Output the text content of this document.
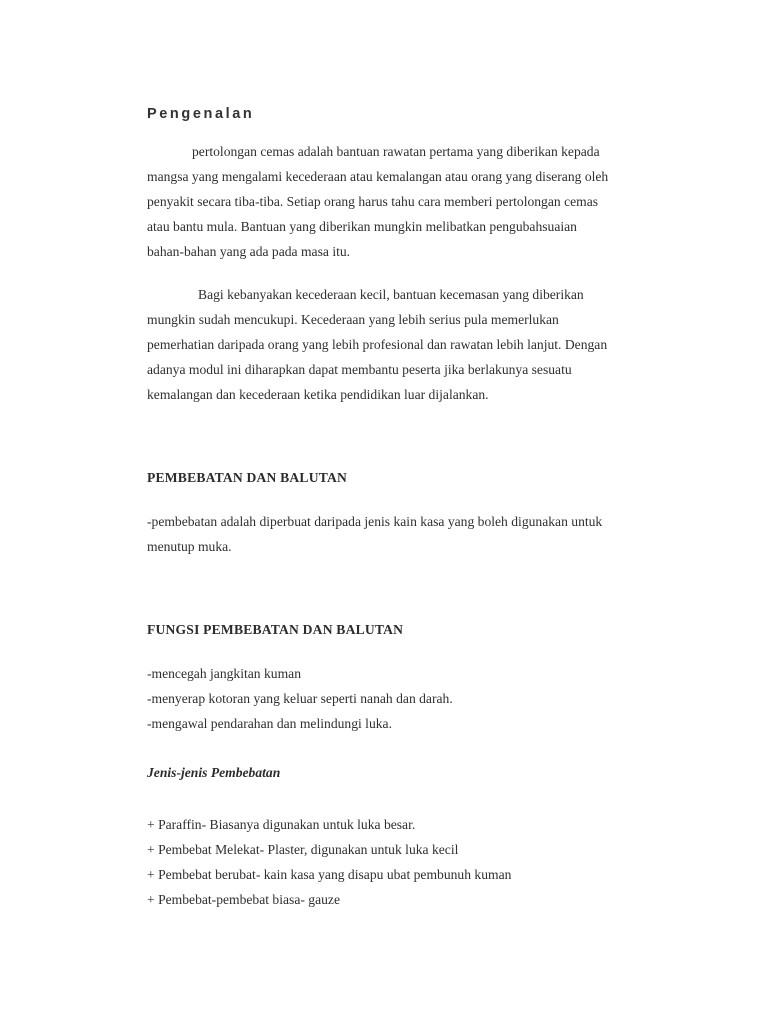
Pengenalan
pertolongan cemas adalah bantuan rawatan pertama yang diberikan kepada
mangsa yang mengalami kecederaan atau kemalangan atau orang yang diserang oleh
penyakit secara tiba-tiba. Setiap orang harus tahu cara memberi pertolongan cemas
atau bantu mula. Bantuan yang diberikan mungkin melibatkan pengubahsuaian
bahan-bahan yang ada pada masa itu.
Bagi kebanyakan kecederaan kecil, bantuan kecemasan yang diberikan
mungkin sudah mencukupi. Kecederaan yang lebih serius pula memerlukan
pemerhatian daripada orang yang lebih profesional dan rawatan lebih lanjut. Dengan
adanya modul ini diharapkan dapat membantu peserta jika berlakunya sesuatu
kemalangan dan kecederaan ketika pendidikan luar dijalankan.
PEMBEBATAN DAN BALUTAN
-pembebatan adalah diperbuat daripada jenis kain kasa yang boleh digunakan untuk
menutup muka.
FUNGSI PEMBEBATAN DAN BALUTAN
-mencegah jangkitan kuman
-menyerap kotoran yang keluar seperti nanah dan darah.
-mengawal pendarahan dan melindungi luka.
Jenis-jenis Pembebatan
+ Paraffin- Biasanya digunakan untuk luka besar.
+ Pembebat Melekat- Plaster, digunakan untuk luka kecil
+ Pembebat berubat- kain kasa yang disapu ubat pembunuh kuman
+ Pembebat-pembebat biasa- gauze
